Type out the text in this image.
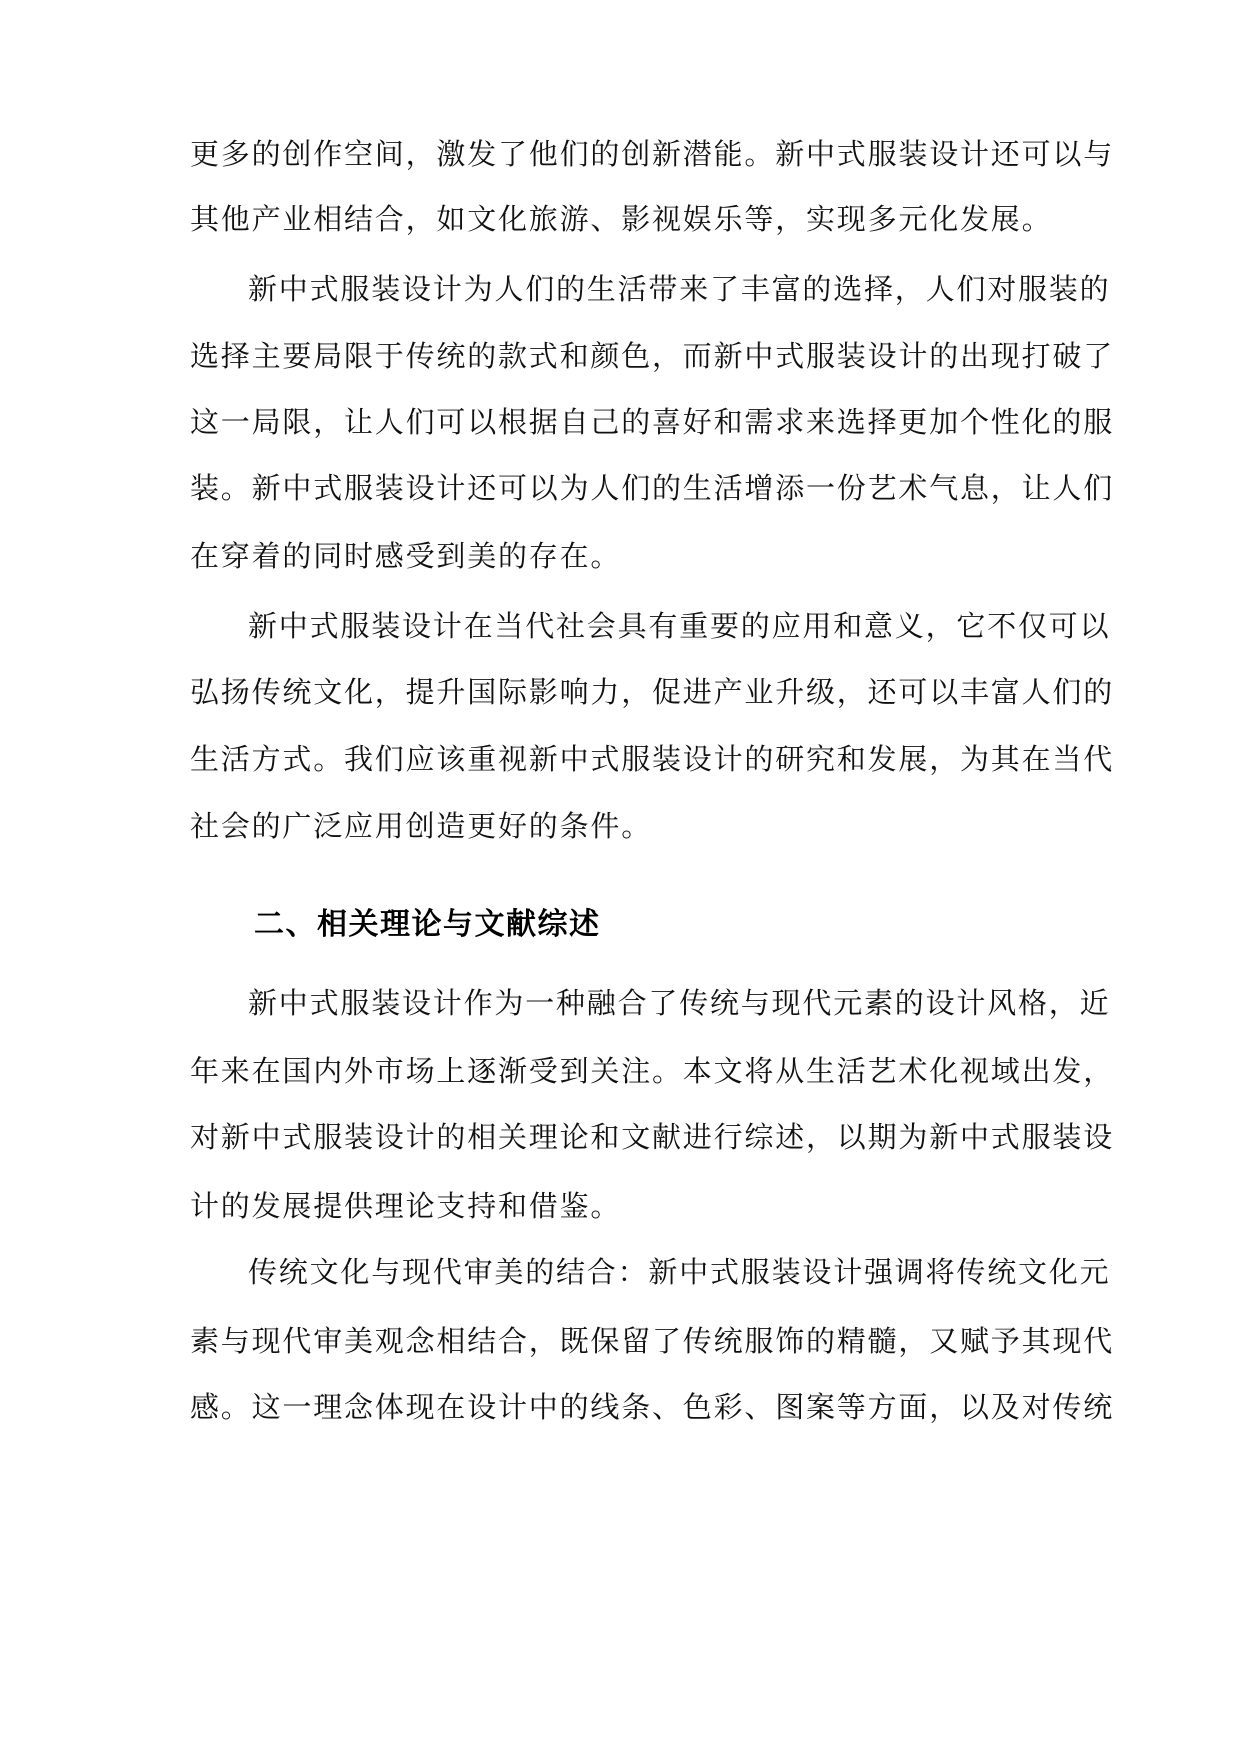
更多的创作空间，激发了他们的创新潜能。新中式服装设计还可以与

其他产业相结合，如文化旅游、影视娱乐等，实现多元化发展。

新中式服装设计为人们的生活带来了丰富的选择，人们对服装的

选择主要局限于传统的款式和颜色，而新中式服装设计的出现打破了

这一局限，让人们可以根据自己的喜好和需求来选择更加个性化的服

装。新中式服装设计还可以为人们的生活增添一份艺术气息，让人们

在穿着的同时感受到美的存在。

新中式服装设计在当代社会具有重要的应用和意义，它不仅可以

弘扬传统文化，提升国际影响力，促进产业升级，还可以丰富人们的

生活方式。我们应该重视新中式服装设计的研究和发展，为其在当代

社会的广泛应用创造更好的条件。

二、相关理论与文献综述

新中式服装设计作为一种融合了传统与现代元素的设计风格，近

年来在国内外市场上逐渐受到关注。本文将从生活艺术化视域出发，

对新中式服装设计的相关理论和文献进行综述，以期为新中式服装设

计的发展提供理论支持和借鉴。

传统文化与现代审美的结合：新中式服装设计强调将传统文化元

素与现代审美观念相结合，既保留了传统服饰的精髓，又赋予其现代

感。这一理念体现在设计中的线条、色彩、图案等方面，以及对传统
